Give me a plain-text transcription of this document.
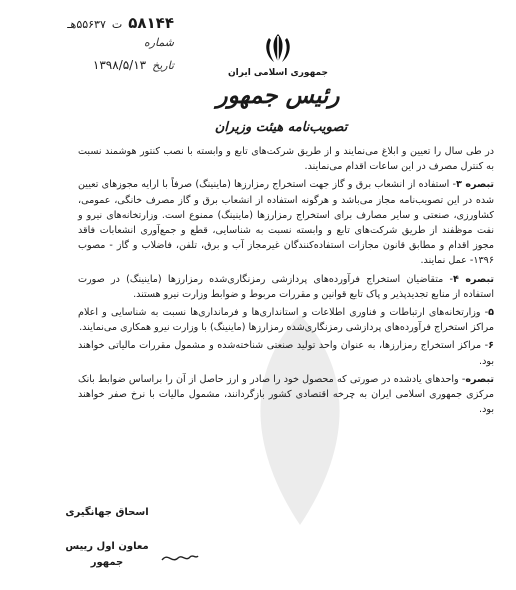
۵۸۱۴۴
ت
۵۵۶۳۷هـ
شماره
تاریخ
۱۳۹۸/۵/۱۳
جمهوری اسلامی ایران
رئیس جمهور
تصویب‌نامه هیئت وزیران

در طی سال را تعیین و ابلاغ می‌نمایند و از طریق شرکت‌های تابع و وابسته با نصب کنتور هوشمند نسبت به کنترل مصرف در این ساعات اقدام می‌نمایند.

تبصره ۳- استفاده از انشعاب برق و گاز جهت استخراج رمزارزها (ماینینگ) صرفاً با ارایه مجوزهای تعیین شده در این تصویب‌نامه مجاز می‌باشد و هرگونه استفاده از انشعاب برق و گاز مصرف خانگی، عمومی، کشاورزی، صنعتی و سایر مصارف برای استخراج رمزارزها (ماینینگ) ممنوع است. وزارتخانه‌های نیرو و نفت موظفند از طریق شرکت‌های تابع و وابسته نسبت به شناسایی، قطع و جمع‌آوری انشعابات فاقد مجوز اقدام و مطابق قانون مجازات استفاده‌کنندگان غیرمجاز آب و برق، تلفن، فاضلاب و گاز - مصوب ۱۳۹۶- عمل نمایند.

تبصره ۴- متقاضیان استخراج فرآورده‌های پردازشی رمزنگاری‌شده رمزارزها (ماینینگ) در صورت استفاده از منابع تجدیدپذیر و پاک تابع قوانین و مقررات مربوط و ضوابط وزارت نیرو هستند.

۵- وزارتخانه‌های ارتباطات و فناوری اطلاعات و استانداری‌ها و فرمانداری‌ها نسبت به شناسایی و اعلام مراکز استخراج فرآورده‌های پردازشی رمزنگاری‌شده رمزارزها (ماینینگ) با وزارت نیرو همکاری می‌نمایند.

۶- مراکز استخراج رمزارزها، به عنوان واحد تولید صنعتی شناخته‌شده و مشمول مقررات مالیاتی خواهند بود.

تبصره- واحدهای یادشده در صورتی که محصول خود را صادر و ارز حاصل از آن را براساس ضوابط بانک مرکزی جمهوری اسلامی ایران به چرخه اقتصادی کشور بازگردانند، مشمول مالیات با نرخ صفر خواهند بود.

اسحاق جهانگیری
معاون اول رییس جمهور
